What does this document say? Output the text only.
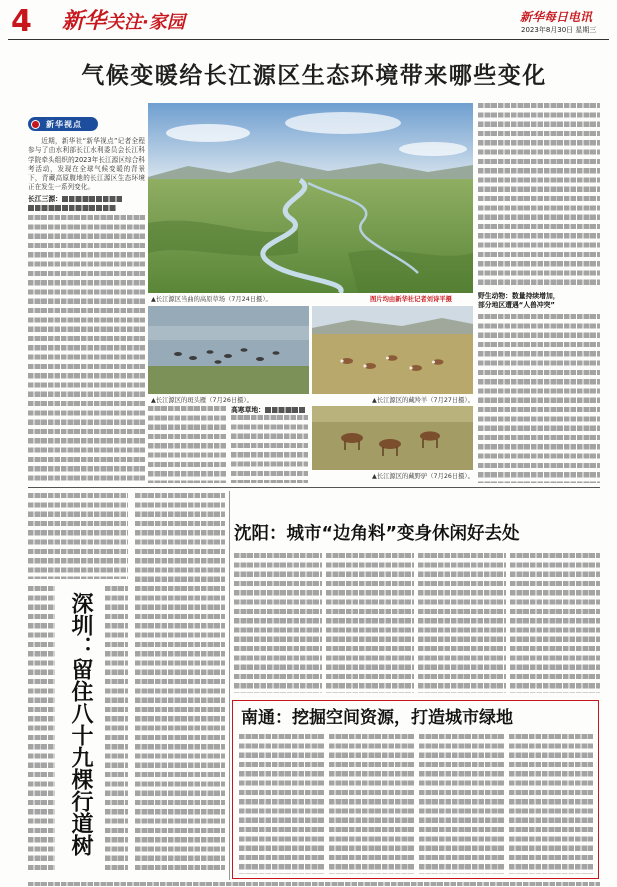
4 新华关注·家园	新华每日电讯
2023年8月30日 星期三
气候变暖给长江源区生态环境带来哪些变化
新华视点

近期，新华社“新华视点”记者全程参与了由水利部长江水利委员会长江科学院牵头组织的2023年长江源区综合科考活动，发现在全球气候变暖的背景下，青藏高原腹地的长江源区生态环境正在发生一系列变化。

长江三源：
▲长江源区当曲的高原草场（7月24日摄）。	图片均由新华社记者刘诗平摄
▲长江源区的斑头雁（7月26日摄）。	▲长江源区的藏羚羊（7月27日摄）。
▲长江源区的藏野驴（7月26日摄）。
高寒草地：
野生动物：数量持续增加，
部分地区遭遇“人兽冲突”
深圳：留住八十九棵行道树
沈阳：城市“边角料”变身休闲好去处
南通：挖掘空间资源，打造城市绿地
